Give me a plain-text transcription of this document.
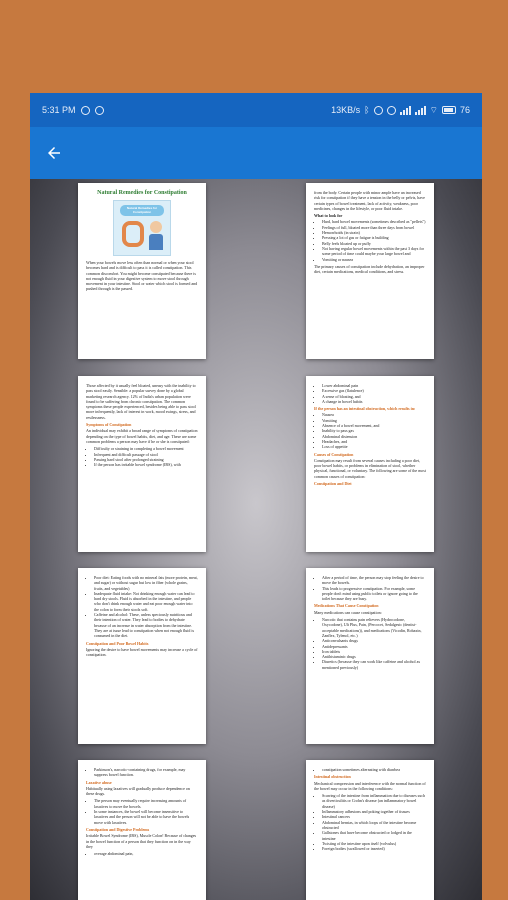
5:31 PM	13KB/s ᛒ	⌔ 76
Natural Remedies for Constipation
Natural Remedies for Constipation

When your bowels move less often than normal or when your stool becomes hard and is difficult to pass it is called constipation. This common discomfort. You might become constipated because there is not enough fluid in your digestive system to move stool through movement in your intestine. Stool or water which stool is formed and pushed through is the passed.

from the body. Certain people with minor ample have an increased risk for constipation if they have a tension in the belly or pelvis, have certain types of bowel treatment, lack of activity, weakness, poor medicines, changes in the lifestyle, or poor fluid intake.

What to look for
• Hard, hard bowel movements (sometimes described as "pellets")
• Feelings of full, bloated more than three days from bowel
• Hemorrhoids (in strain)
• Pressing a lot of gas or fatigue is building
• Belly feels bloated up or puffy
• Not having regular bowel movements within the past 3 days for some period of time could maybe your large bowel and
• Vomiting or nausea

The primary causes of constipation include dehydration, an improper diet, certain medications, medical conditions, and stress.

Those affected by it usually feel bloated, uneasy with the inability to pass stool easily. Sensible: a popular survey done by a global marketing research agency. 12% of India's urban population were found to be suffering from chronic constipation. The common symptoms these people experienced, besides being able to pass stool more infrequently, lack of interest in work, mood swings, stress, and restlessness.

Symptoms of Constipation

An individual may exhibit a broad range of symptoms of constipation depending on the type of bowel habits, diet, and age. These are some common problems a person may have if he or she is constipated:

• Difficulty or straining in completing a bowel movement
• Infrequent and difficult passage of stool
• Passing hard stool after prolonged straining
• If the person has irritable bowel syndrome (IBS), with
• Lower abdominal pain
• Excessive gas (flatulence)
• A sense of bloating, and
• A change in bowel habits
If the person has an intestinal obstruction, which results in:
• Nausea
• Vomiting
• Absence of a bowel movement, and
• Inability to pass gas
• Abdominal distension
• Headaches, and
• Loss of appetite
Causes of Constipation

Constipation may result from several causes including a poor diet, poor bowel habits, or problems in elimination of stool, whether physical, functional, or voluntary. The following are some of the most common causes of constipation:

Constipation and Diet
• Poor diet: Eating foods with no mineral fats (more protein, meat, and sugar) or without sugar but low in fiber (whole grains, fruits, and vegetables)
• Inadequate fluid intake: Not drinking enough water can lead to hard dry stools. Fluid is absorbed in the intestine, and people who don't drink enough water and eat poor enough water into the colon to form their stools soft.
• Caffeine and alcohol: These, unless speciously nutritious and their intention of water. They lead to bodies to dehydrate because of an increase in water absorption from the intestine. They are at issue lead to constipation when not enough fluid is consumed in the diet.
Constipation and Poor Bowel Habits

Ignoring the desire to have bowel movements may increase a cycle of constipation.

• After a period of time, the person may stop feeling the desire to move the bowels.
• This leads to progressive constipation. For example, some people don't mind using public toilets or ignore going to the toilet because they are busy.
Medications That Cause Constipation

Many medications can cause constipation:

• Narcotic that contains pain relievers (Hydrocodone, Oxycodone), Ult Plus, Pain, (Percocet, Sedalgesic (dentist-acceptable medications)), and medications (Vicodin, Robaxin, Zanflex, Tylenol, etc.)
• Anticonvulsants drugs
• Antidepressants
• Iron tablets
• Antihistaminic drugs
• Diuretics (because they can work like caffeine and alcohol as mentioned previously)
• Parkinson's, narcotic-containing drugs, for example, may suppress bowel function.
Laxative abuse

Habitually using laxatives will gradually produce dependence on these drugs.

• The person may eventually require increasing amounts of laxatives to move the bowels.
• In some instances, the bowel will become insensitive to laxatives and the person will not be able to have the bowels move with laxatives.
Constipation and Digestive Problems

Irritable Bowel Syndrome (IBS), Muscle Colon! Because of changes in the bowel function of a person that they function on in the way they

• overage abdominal pain,
• constipation sometimes alternating with diarrhea
Intestinal obstruction

Mechanical compression and interference with the normal function of the bowel may occur in the following conditions:

• Scarring of the intestine from inflammation due to diseases such as diverticulitis or Crohn's disease (an inflammatory bowel disease)
• Inflammatory adhesions and poking together of tissues
• Intestinal cancers
• Abdominal hernias, in which loops of the intestine become obstructed
• Gallstones that have become obstructed or lodged in the intestine
• Twisting of the intestine upon itself (volvulus)
• Foreign bodies (swallowed or inserted)
